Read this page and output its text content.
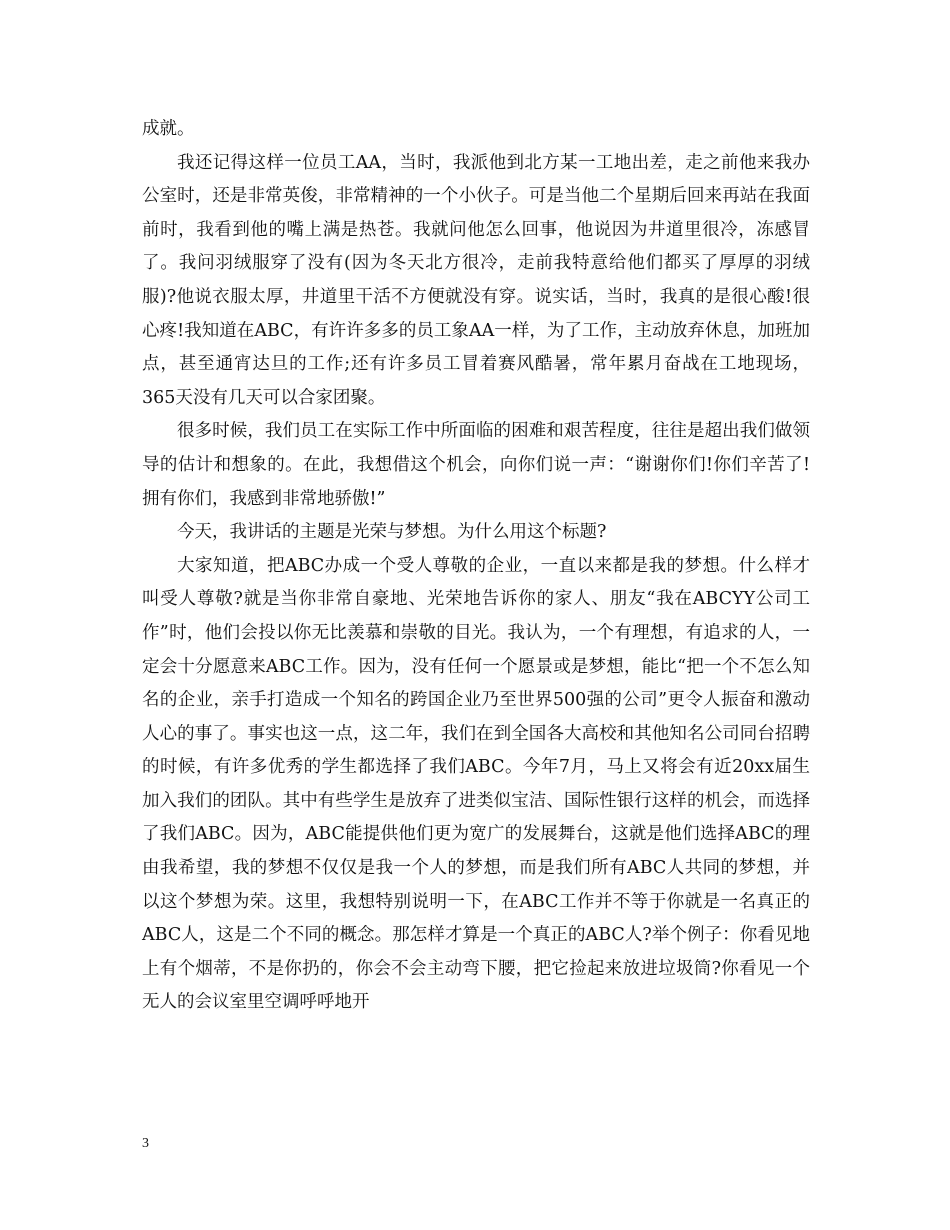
成就。

我还记得这样一位员工AA，当时，我派他到北方某一工地出差，走之前他来我办公室时，还是非常英俊，非常精神的一个小伙子。可是当他二个星期后回来再站在我面前时，我看到他的嘴上满是热苍。我就问他怎么回事，他说因为井道里很冷，冻感冒了。我问羽绒服穿了没有(因为冬天北方很冷，走前我特意给他们都买了厚厚的羽绒服)?他说衣服太厚，井道里干活不方便就没有穿。说实话，当时，我真的是很心酸!很心疼!我知道在ABC，有许许多多的员工象AA一样，为了工作，主动放弃休息，加班加点，甚至通宵达旦的工作;还有许多员工冒着赛风酷暑，常年累月奋战在工地现场，365天没有几天可以合家团聚。

很多时候，我们员工在实际工作中所面临的困难和艰苦程度，往往是超出我们做领导的估计和想象的。在此，我想借这个机会，向你们说一声：“谢谢你们!你们辛苦了!拥有你们，我感到非常地骄傲!”

今天，我讲话的主题是光荣与梦想。为什么用这个标题?

大家知道，把ABC办成一个受人尊敬的企业，一直以来都是我的梦想。什么样才叫受人尊敬?就是当你非常自豪地、光荣地告诉你的家人、朋友“我在ABCYY公司工作”时，他们会投以你无比羡慕和崇敬的目光。我认为，一个有理想，有追求的人，一定会十分愿意来ABC工作。因为，没有任何一个愿景或是梦想，能比“把一个不怎么知名的企业，亲手打造成一个知名的跨国企业乃至世界500强的公司”更令人振奋和激动人心的事了。事实也这一点，这二年，我们在到全国各大高校和其他知名公司同台招聘的时候，有许多优秀的学生都选择了我们ABC。今年7月，马上又将会有近20xx届生加入我们的团队。其中有些学生是放弃了进类似宝洁、国际性银行这样的机会，而选择了我们ABC。因为，ABC能提供他们更为宽广的发展舞台，这就是他们选择ABC的理由我希望，我的梦想不仅仅是我一个人的梦想，而是我们所有ABC人共同的梦想，并以这个梦想为荣。这里，我想特别说明一下，在ABC工作并不等于你就是一名真正的ABC人，这是二个不同的概念。那怎样才算是一个真正的ABC人?举个例子：你看见地上有个烟蒂，不是你扔的，你会不会主动弯下腰，把它捡起来放进垃圾筒?你看见一个无人的会议室里空调呼呼地开

3
